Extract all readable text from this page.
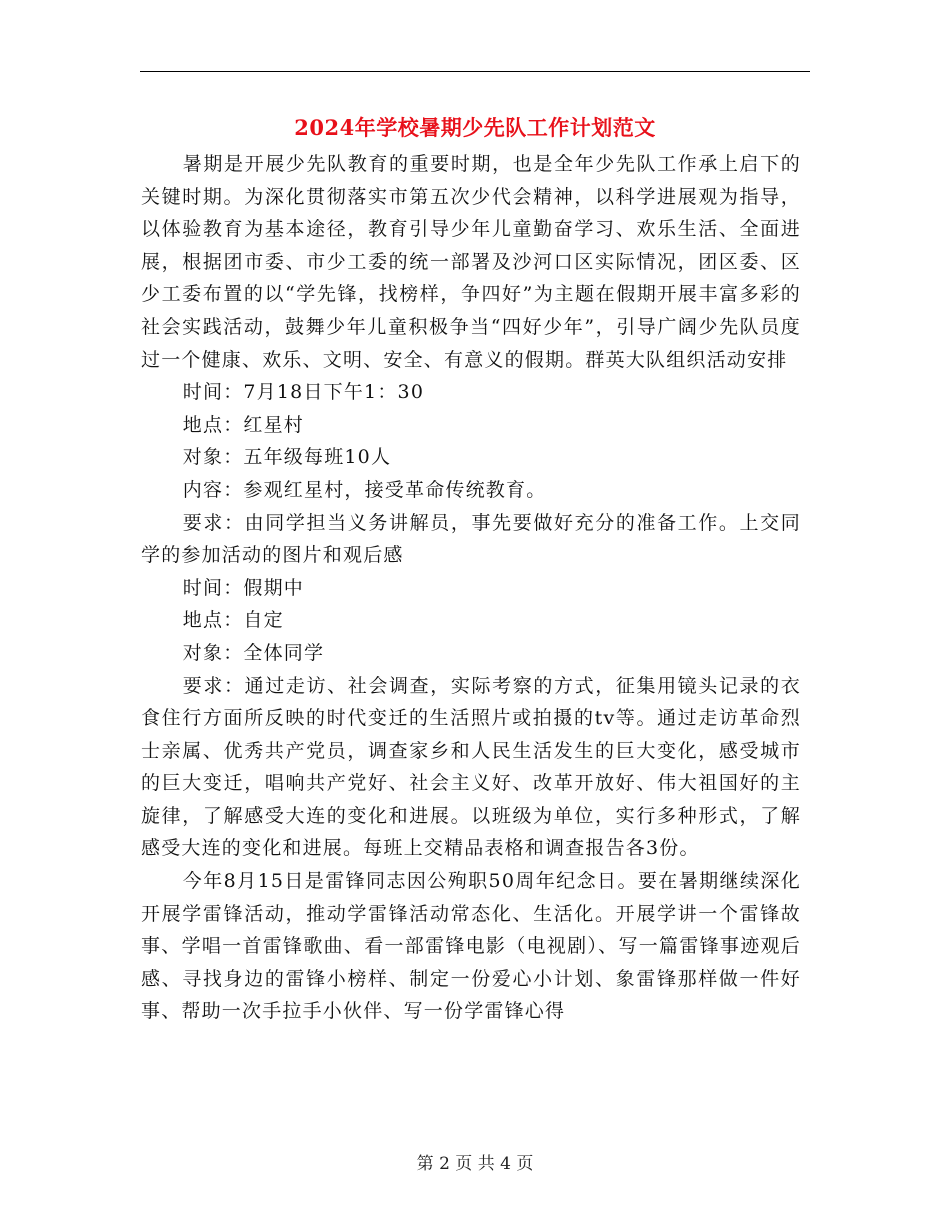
2024年学校暑期少先队工作计划范文

暑期是开展少先队教育的重要时期，也是全年少先队工作承上启下的关键时期。为深化贯彻落实市第五次少代会精神，以科学进展观为指导，以体验教育为基本途径，教育引导少年儿童勤奋学习、欢乐生活、全面进展，根据团市委、市少工委的统一部署及沙河口区实际情况，团区委、区少工委布置的以“学先锋，找榜样，争四好”为主题在假期开展丰富多彩的社会实践活动，鼓舞少年儿童积极争当“四好少年”，引导广阔少先队员度过一个健康、欢乐、文明、安全、有意义的假期。群英大队组织活动安排

时间：7月18日下午1：30

地点：红星村

对象：五年级每班10人

内容：参观红星村，接受革命传统教育。

要求：由同学担当义务讲解员，事先要做好充分的准备工作。上交同学的参加活动的图片和观后感

时间：假期中

地点：自定

对象：全体同学

要求：通过走访、社会调查，实际考察的方式，征集用镜头记录的衣食住行方面所反映的时代变迁的生活照片或拍摄的tv等。通过走访革命烈士亲属、优秀共产党员，调查家乡和人民生活发生的巨大变化，感受城市的巨大变迁，唱响共产党好、社会主义好、改革开放好、伟大祖国好的主旋律，了解感受大连的变化和进展。以班级为单位，实行多种形式，了解感受大连的变化和进展。每班上交精品表格和调查报告各3份。

今年8月15日是雷锋同志因公殉职50周年纪念日。要在暑期继续深化开展学雷锋活动，推动学雷锋活动常态化、生活化。开展学讲一个雷锋故事、学唱一首雷锋歌曲、看一部雷锋电影（电视剧）、写一篇雷锋事迹观后感、寻找身边的雷锋小榜样、制定一份爱心小计划、象雷锋那样做一件好事、帮助一次手拉手小伙伴、写一份学雷锋心得

第 2 页 共 4 页
